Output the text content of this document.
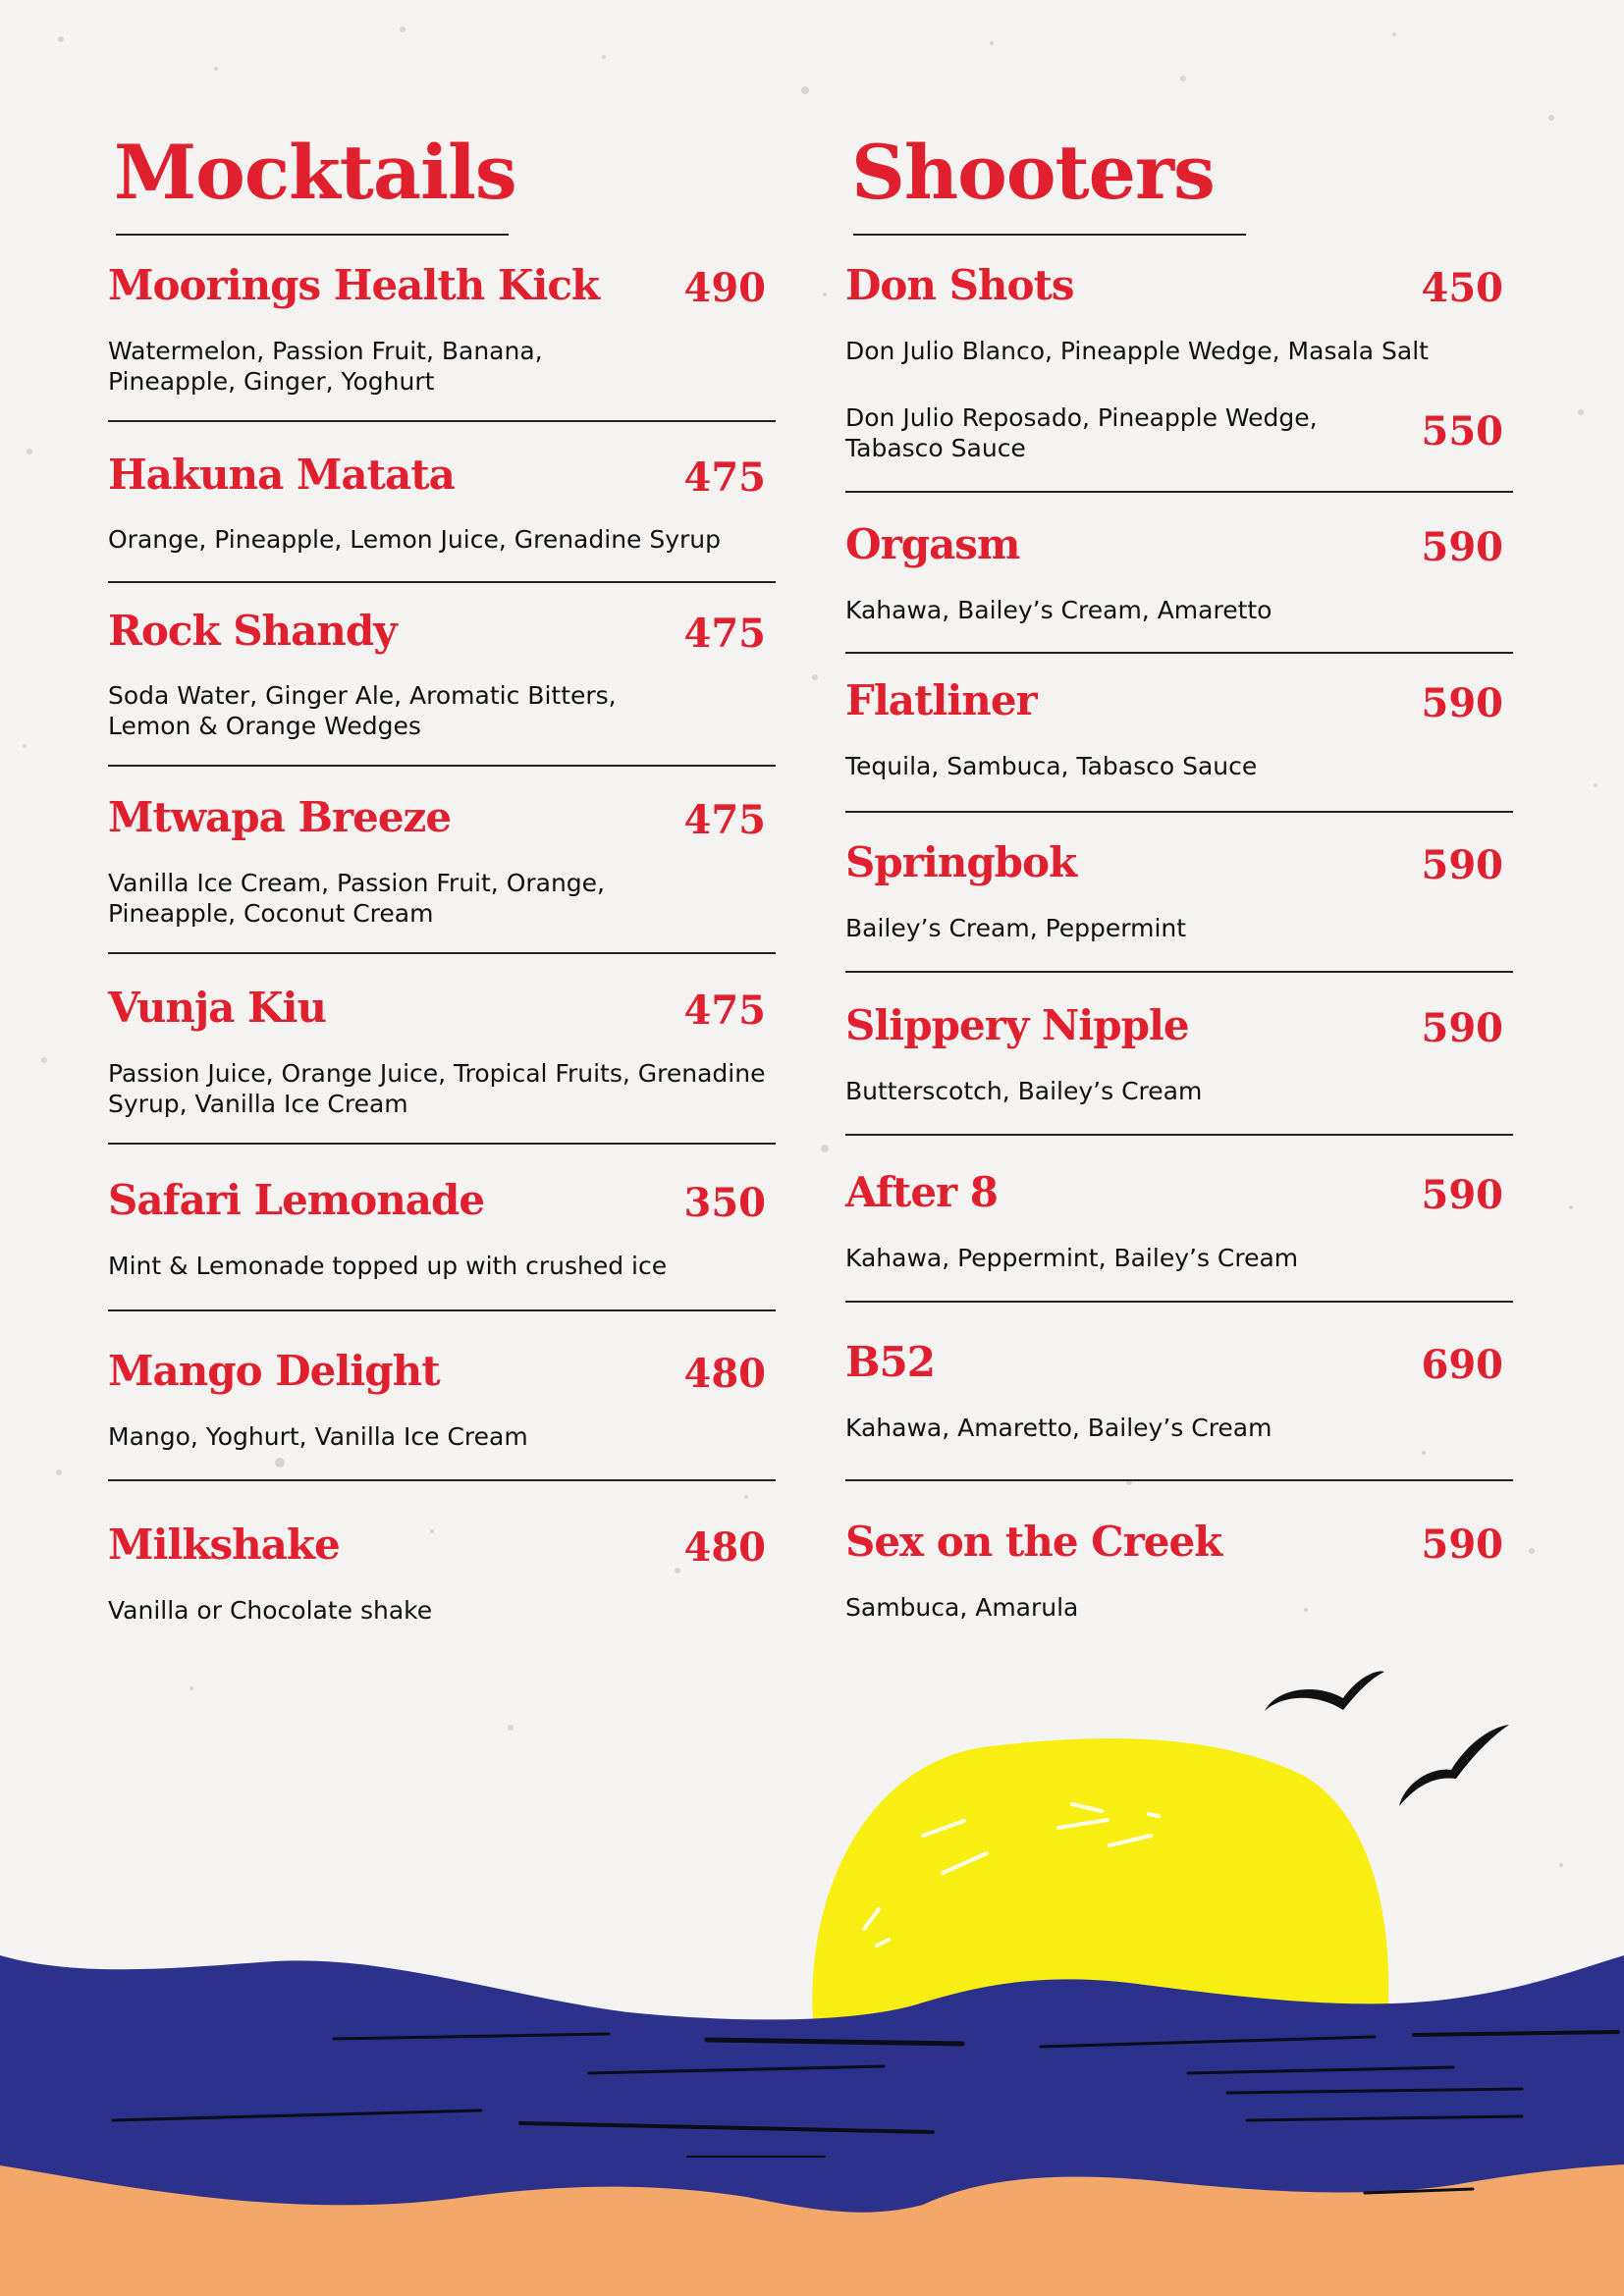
Mocktails
Moorings Health Kick 490
Watermelon, Passion Fruit, Banana, Pineapple, Ginger, Yoghurt
Hakuna Matata	475
Orange, Pineapple, Lemon Juice, Grenadine Syrup
Rock Shandy	475
Soda Water, Ginger Ale, Aromatic Bitters, Lemon & Orange Wedges
Mtwapa Breeze	475
Vanilla Ice Cream, Passion Fruit, Orange, Pineapple, Coconut Cream
Vunja Kiu	475
Passion Juice, Orange Juice, Tropical Fruits, Grenadine Syrup, Vanilla Ice Cream
Safari Lemonade	350
Mint & Lemonade topped up with crushed ice
Mango Delight	480
Mango, Yoghurt, Vanilla Ice Cream
Milkshake	480
Vanilla or Chocolate shake
Shooters
Don Shots	450
Don Julio Blanco, Pineapple Wedge, Masala Salt
Don Julio Reposado, Pineapple Wedge, Tabasco Sauce	550
Orgasm	590
Kahawa, Bailey’s Cream, Amaretto
Flatliner	590
Tequila, Sambuca, Tabasco Sauce
Springbok	590
Bailey’s Cream, Peppermint
Slippery Nipple	590
Butterscotch, Bailey’s Cream
After 8	590
Kahawa, Peppermint, Bailey’s Cream
B52	690
Kahawa, Amaretto, Bailey’s Cream
Sex on the Creek	590
Sambuca, Amarula
